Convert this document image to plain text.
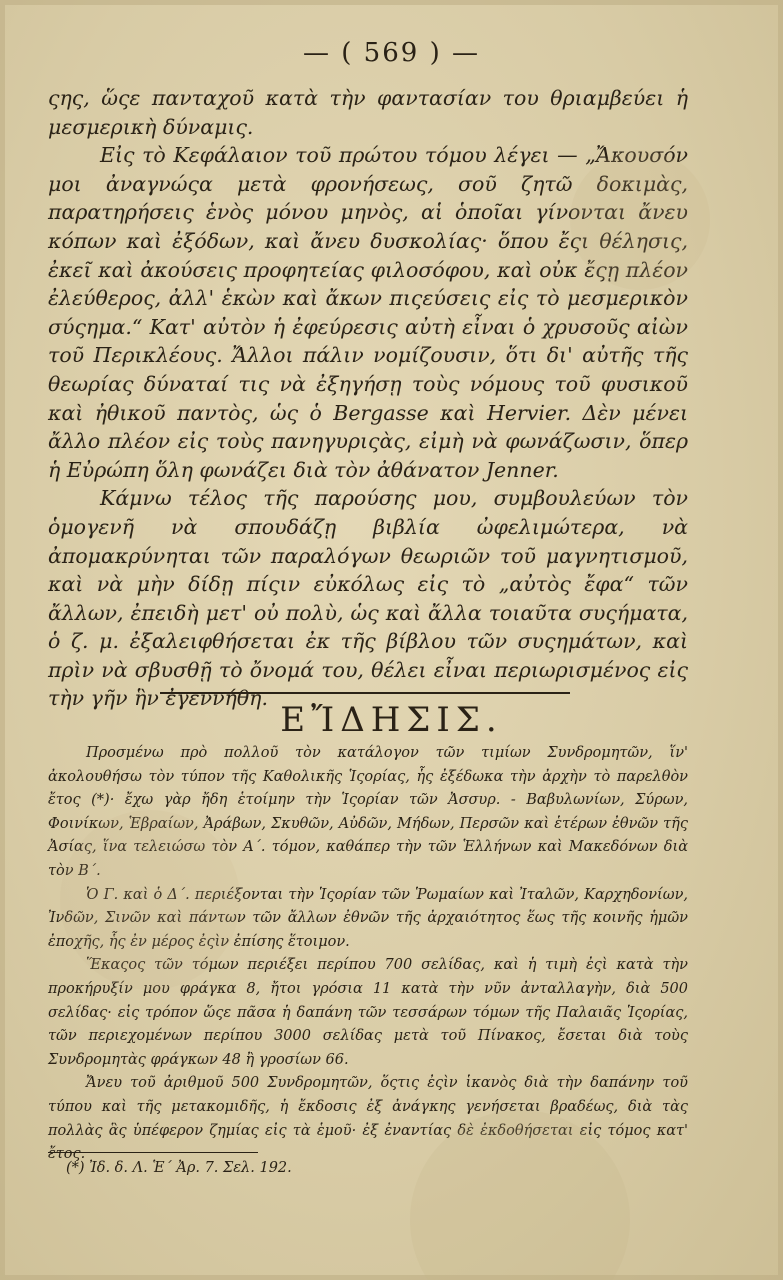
— ( 569 ) —

ςης, ὥςε πανταχοῦ κατὰ τὴν φαντασίαν του θριαμβεύει ἡ μεσμερικὴ δύναμις.

Εἰς τὸ Κεφάλαιον τοῦ πρώτου τόμου λέγει — „Ἄκουσόν μοι ἀναγνώςα μετὰ φρονήσεως, σοῦ ζητῶ δοκιμὰς, παρατηρήσεις ἑνὸς μόνου μηνὸς, αἱ ὁποῖαι γίνονται ἄνευ κόπων καὶ ἐξόδων, καὶ ἄνευ δυσκολίας· ὅπου ἔςι θέλησις, ἐκεῖ καὶ ἀκούσεις προφητείας φιλοσόφου, καὶ οὐκ ἔςῃ πλέον ἐλεύθερος, ἀλλ' ἑκὼν καὶ ἄκων πιςεύσεις εἰς τὸ μεσμερικὸν σύςημα.“ Κατ' αὐτὸν ἡ ἐφεύρεσις αὐτὴ εἶναι ὁ χρυσοῦς αἰὼν τοῦ Περικλέους. Ἄλλοι πάλιν νομίζουσιν, ὅτι δι' αὐτῆς τῆς θεωρίας δύναταί τις νὰ ἐξηγήσῃ τοὺς νόμους τοῦ φυσικοῦ καὶ ἠθικοῦ παντὸς, ὡς ὁ Bergasse καὶ Hervier. Δὲν μένει ἄλλο πλέον εἰς τοὺς πανηγυριςὰς, εἰμὴ νὰ φωνάζωσιν, ὅπερ ἡ Εὐρώπη ὅλη φωνάζει διὰ τὸν ἀθάνατον Jenner.

Κάμνω τέλος τῆς παρούσης μου, συμβουλεύων τὸν ὁμογενῆ νὰ σπουδάζῃ βιβλία ὠφελιμώτερα, νὰ ἀπομακρύνηται τῶν παραλόγων θεωριῶν τοῦ μαγνητισμοῦ, καὶ νὰ μὴν δίδῃ πίςιν εὐκόλως εἰς τὸ „αὐτὸς ἔφα“ τῶν ἄλλων, ἐπειδὴ μετ' οὐ πολὺ, ὡς καὶ ἄλλα τοιαῦτα συςήματα, ὁ ζ. μ. ἐξαλειφθήσεται ἐκ τῆς βίβλου τῶν συςημάτων, καὶ πρὶν νὰ σβυσθῇ τὸ ὄνομά του, θέλει εἶναι περιωρισμένος εἰς τὴν γῆν ἣν ἐγεννήθη.

ΕἼΔΗΣΙΣ.

Προσμένω πρὸ πολλοῦ τὸν κατάλογον τῶν τιμίων Συνδρομητῶν, ἵν' ἀκολουθήσω τὸν τύπον τῆς Καθολικῆς Ἱςορίας, ἧς ἐξέδωκα τὴν ἀρχὴν τὸ παρελθὸν ἔτος (*)· ἔχω γὰρ ἤδη ἑτοίμην τὴν Ἱςορίαν τῶν Ἀσσυρ. - Βαβυλωνίων, Σύρων, Φοινίκων, Ἑβραίων, Ἀράβων, Σκυθῶν, Αὐδῶν, Μήδων, Περσῶν καὶ ἑτέρων ἐθνῶν τῆς Ἀσίας, ἵνα τελειώσω τὸν Α΄. τόμον, καθάπερ τὴν τῶν Ἑλλήνων καὶ Μακεδόνων διὰ τὸν Β΄.

Ὁ Γ. καὶ ὁ Δ΄. περιέξονται τὴν Ἱςορίαν τῶν Ῥωμαίων καὶ Ἰταλῶν, Καρχηδονίων, Ἰνδῶν, Σινῶν καὶ πάντων τῶν ἄλλων ἐθνῶν τῆς ἀρχαιότητος ἕως τῆς κοινῆς ἡμῶν ἐποχῆς, ἧς ἐν μέρος ἐςὶν ἐπίσης ἕτοιμον.

Ἕκαςος τῶν τόμων περιέξει περίπου 700 σελίδας, καὶ ἡ τιμὴ ἐςὶ κατὰ τὴν προκήρυξίν μου φράγκα 8, ἤτοι γρόσια 11 κατὰ τὴν νῦν ἀνταλλαγὴν, διὰ 500 σελίδας· εἰς τρόπον ὥςε πᾶσα ἡ δαπάνη τῶν τεσσάρων τόμων τῆς Παλαιᾶς Ἱςορίας, τῶν περιεχομένων περίπου 3000 σελίδας μετὰ τοῦ Πίνακος, ἔσεται διὰ τοὺς Συνδρομητὰς φράγκων 48 ἢ γροσίων 66.

Ἄνευ τοῦ ἀριθμοῦ 500 Συνδρομητῶν, ὅςτις ἐςὶν ἱκανὸς διὰ τὴν δαπάνην τοῦ τύπου καὶ τῆς μετακομιδῆς, ἡ ἔκδοσις ἐξ ἀνάγκης γενήσεται βραδέως, διὰ τὰς πολλὰς ἃς ὑπέφερον ζημίας εἰς τὰ ἑμοῦ· ἐξ ἐναντίας δὲ ἐκδοθήσεται εἰς τόμος κατ' ἔτος.

(*) Ἰδ. δ. Λ. Ἑ΄ Ἀρ. 7. Σελ. 192.
